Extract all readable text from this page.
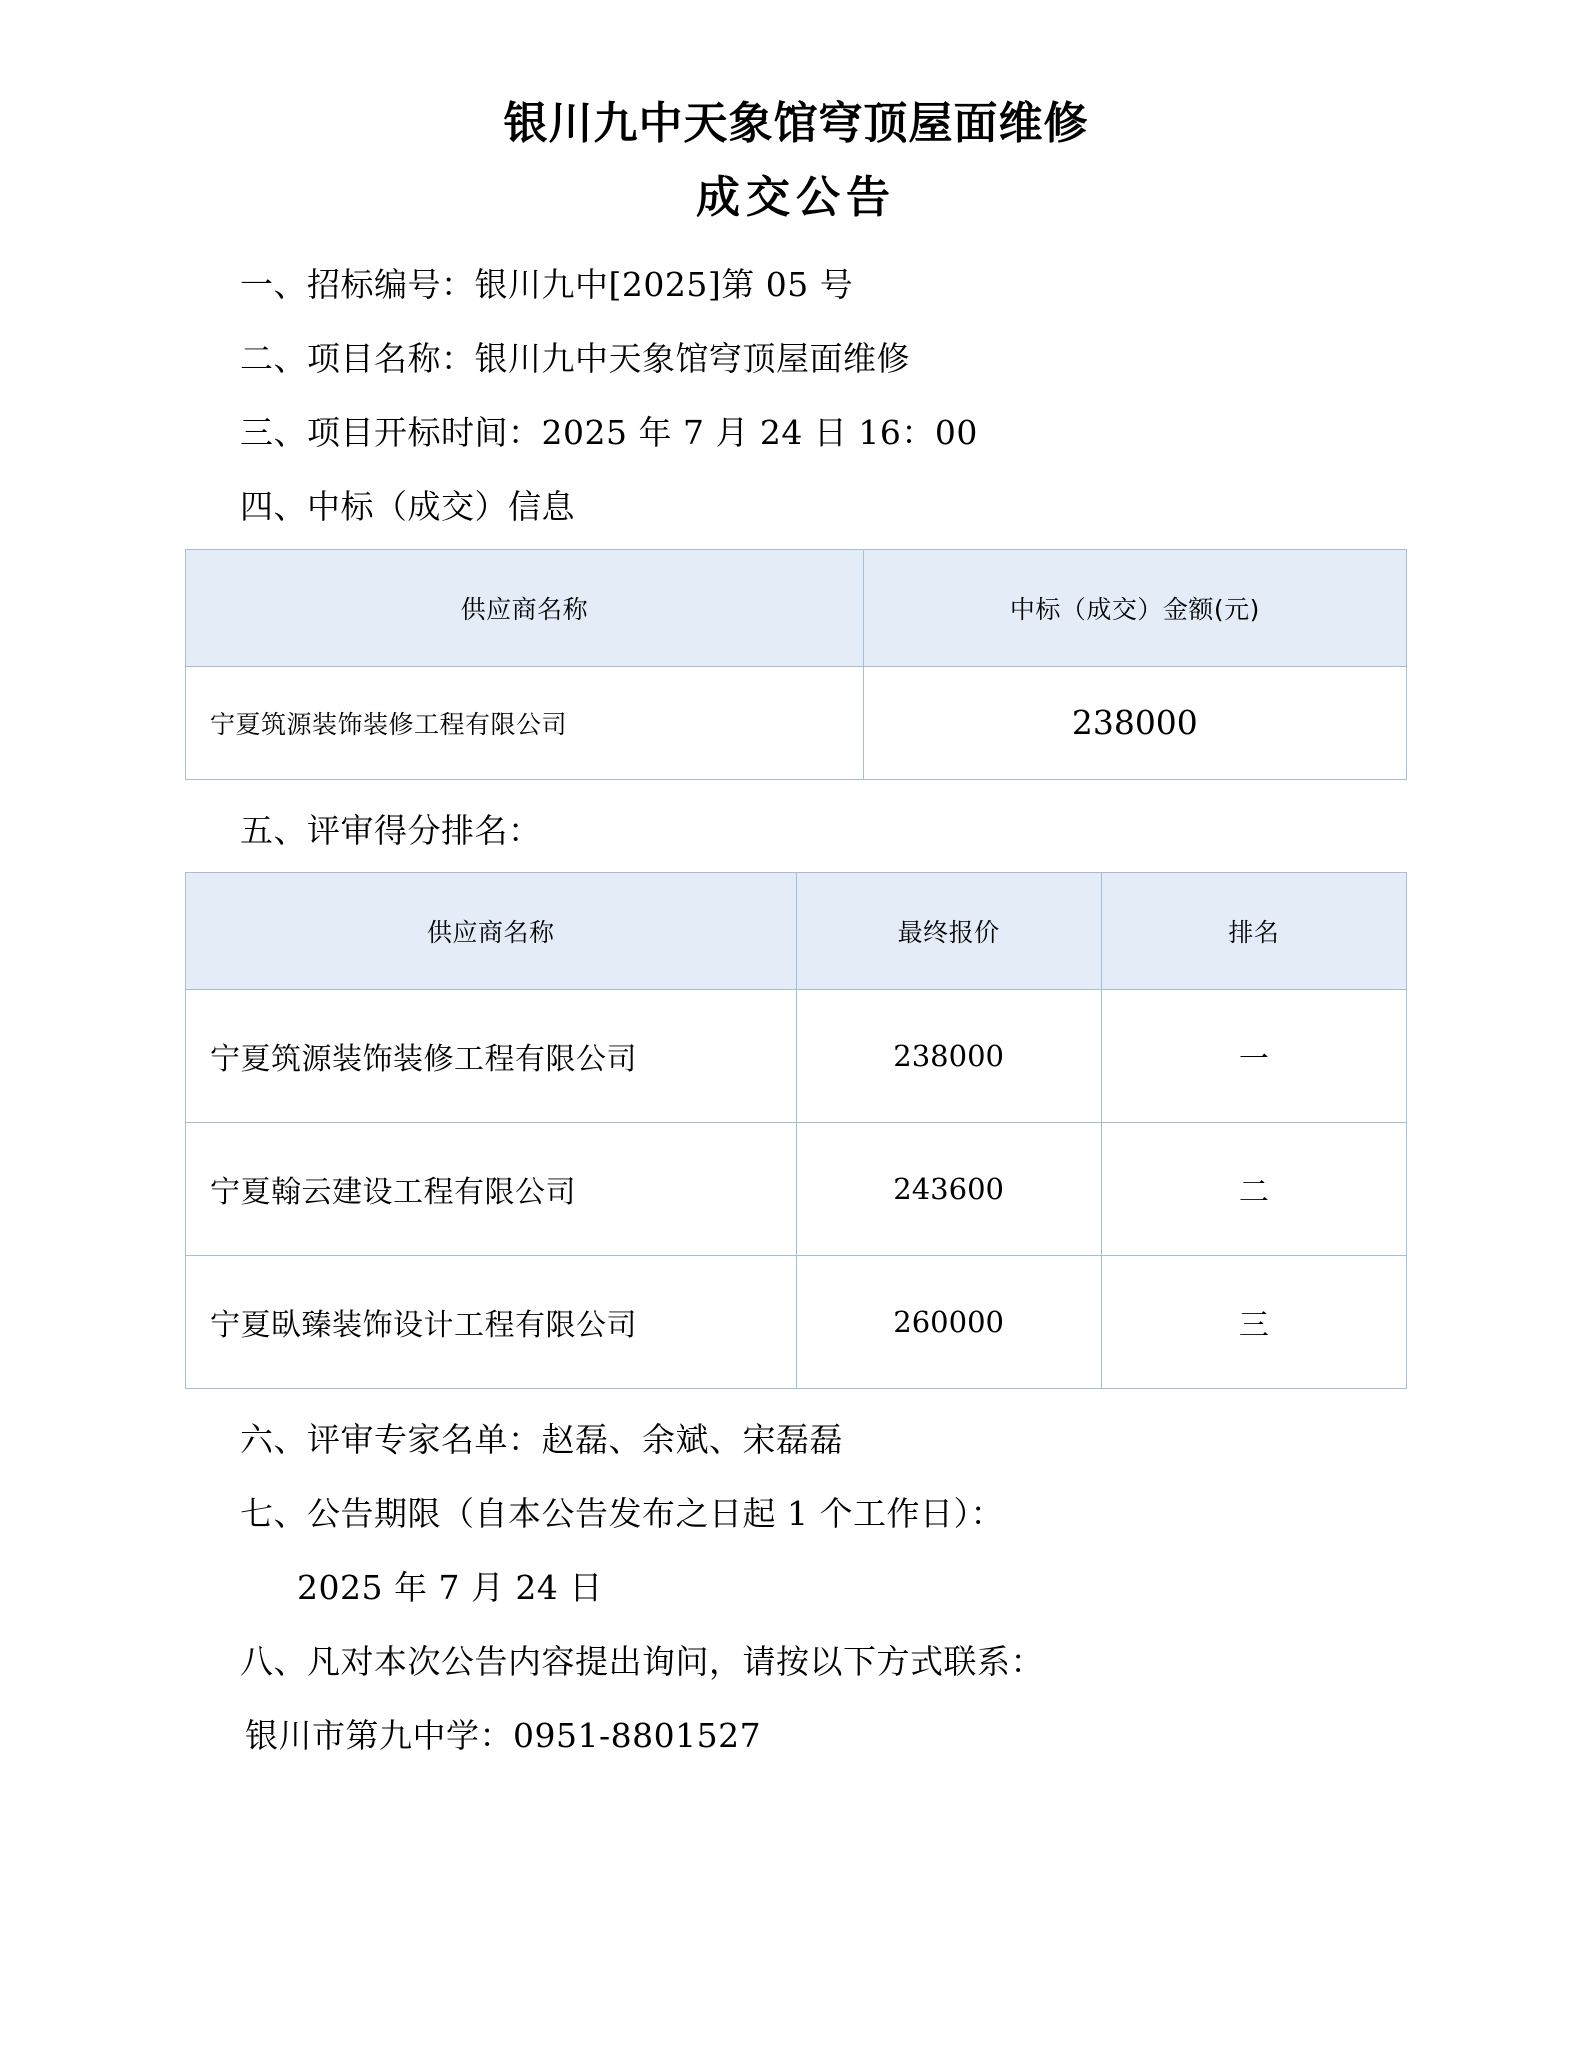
银川九中天象馆穹顶屋面维修
成交公告

一、招标编号：银川九中[2025]第 05 号

二、项目名称：银川九中天象馆穹顶屋面维修

三、项目开标时间：2025 年 7 月 24 日 16：00

四、中标（成交）信息

供应商名称	中标（成交）金额(元)
宁夏筑源装饰装修工程有限公司	238000

五、评审得分排名：

供应商名称	最终报价	排名
宁夏筑源装饰装修工程有限公司	238000	一
宁夏翰云建设工程有限公司	243600	二
宁夏臥臻装饰设计工程有限公司	260000	三

六、评审专家名单：赵磊、余斌、宋磊磊

七、公告期限（自本公告发布之日起 1 个工作日）：

2025 年 7 月 24 日

八、凡对本次公告内容提出询问，请按以下方式联系：

银川市第九中学：0951-8801527
